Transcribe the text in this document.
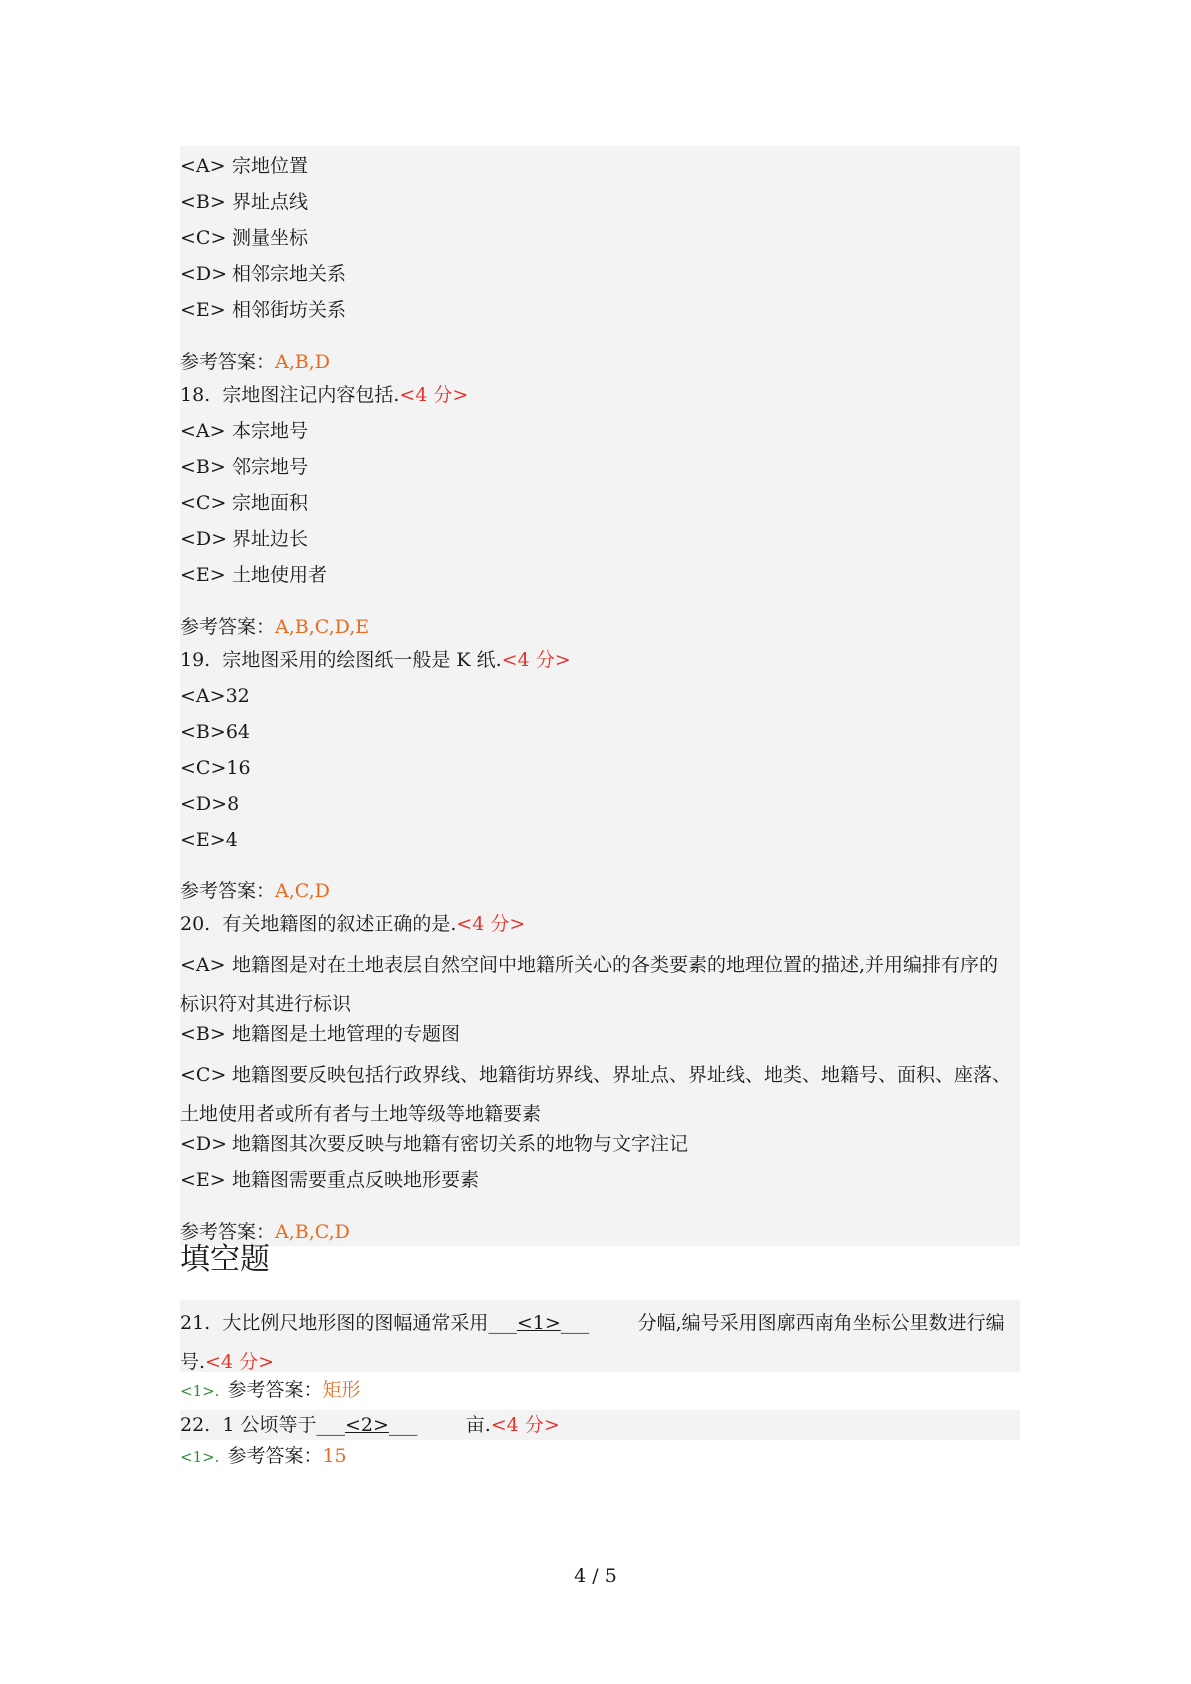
<A> 宗地位置
<B> 界址点线
<C> 测量坐标
<D> 相邻宗地关系
<E> 相邻街坊关系
参考答案：A,B,D
18. 宗地图注记内容包括.<4 分>
<A> 本宗地号
<B> 邻宗地号
<C> 宗地面积
<D> 界址边长
<E> 土地使用者
参考答案：A,B,C,D,E
19. 宗地图采用的绘图纸一般是 K 纸.<4 分>
<A>32
<B>64
<C>16
<D>8
<E>4
参考答案：A,C,D
20. 有关地籍图的叙述正确的是.<4 分>
<A> 地籍图是对在土地表层自然空间中地籍所关心的各类要素的地理位置的描述,并用编排有序的标识符对其进行标识
<B> 地籍图是土地管理的专题图
<C> 地籍图要反映包括行政界线、地籍街坊界线、界址点、界址线、地类、地籍号、面积、座落、土地使用者或所有者与土地等级等地籍要素
<D> 地籍图其次要反映与地籍有密切关系的地物与文字注记
<E> 地籍图需要重点反映地形要素
参考答案：A,B,C,D
填空题
21. 大比例尺地形图的图幅通常采用___<1>___        分幅,编号采用图廓西南角坐标公里数进行编号.<4 分>
<1>. 参考答案：矩形
22. 1 公顷等于___<2>___        亩.<4 分>
<1>. 参考答案：15
4 / 5
